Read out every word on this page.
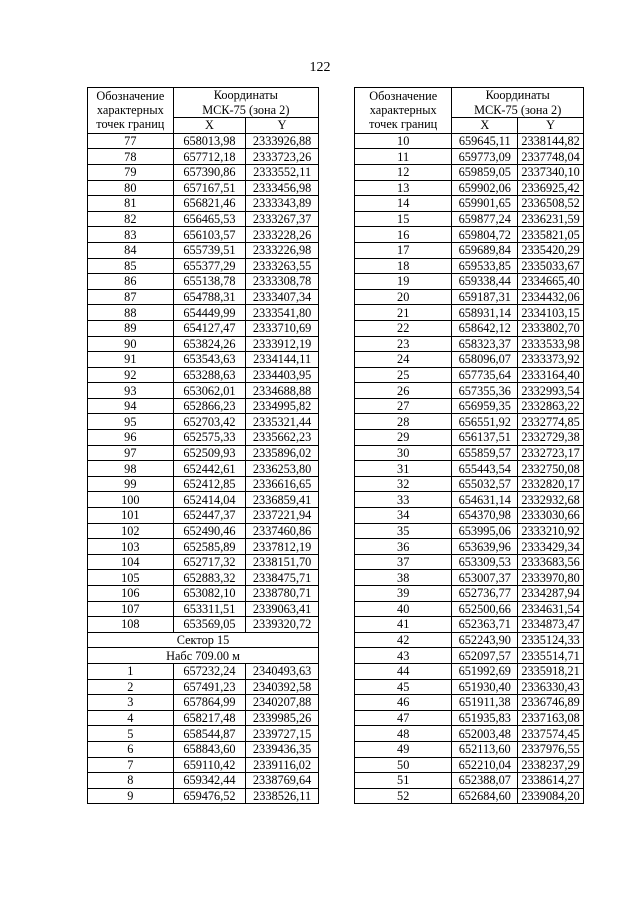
122
Обозначение
характерных
точек границ	Координаты	
	МСК-75 (зона 2)	
	X	Y
77	658013,98	2333926,88
78	657712,18	2333723,26
79	657390,86	2333552,11
80	657167,51	2333456,98
81	656821,46	2333343,89
82	656465,53	2333267,37
83	656103,57	2333228,26
84	655739,51	2333226,98
85	655377,29	2333263,55
86	655138,78	2333308,78
87	654788,31	2333407,34
88	654449,99	2333541,80
89	654127,47	2333710,69
90	653824,26	2333912,19
91	653543,63	2334144,11
92	653288,63	2334403,95
93	653062,01	2334688,88
94	652866,23	2334995,82
95	652703,42	2335321,44
96	652575,33	2335662,23
97	652509,93	2335896,02
98	652442,61	2336253,80
99	652412,85	2336616,65
100	652414,04	2336859,41
101	652447,37	2337221,94
102	652490,46	2337460,86
103	652585,89	2337812,19
104	652717,32	2338151,70
105	652883,32	2338475,71
106	653082,10	2338780,71
107	653311,51	2339063,41
108	653569,05	2339320,72
Сектор 15		
Набс 709.00 м		
1	657232,24	2340493,63
2	657491,23	2340392,58
3	657864,99	2340207,88
4	658217,48	2339985,26
5	658544,87	2339727,15
6	658843,60	2339436,35
7	659110,42	2339116,02
8	659342,44	2338769,64
9	659476,52	2338526,11
Обозначение
характерных
точек границ	Координаты	
	МСК-75 (зона 2)	
	X	Y
10	659645,11	2338144,82
11	659773,09	2337748,04
12	659859,05	2337340,10
13	659902,06	2336925,42
14	659901,65	2336508,52
15	659877,24	2336231,59
16	659804,72	2335821,05
17	659689,84	2335420,29
18	659533,85	2335033,67
19	659338,44	2334665,40
20	659187,31	2334432,06
21	658931,14	2334103,15
22	658642,12	2333802,70
23	658323,37	2333533,98
24	658096,07	2333373,92
25	657735,64	2333164,40
26	657355,36	2332993,54
27	656959,35	2332863,22
28	656551,92	2332774,85
29	656137,51	2332729,38
30	655859,57	2332723,17
31	655443,54	2332750,08
32	655032,57	2332820,17
33	654631,14	2332932,68
34	654370,98	2333030,66
35	653995,06	2333210,92
36	653639,96	2333429,34
37	653309,53	2333683,56
38	653007,37	2333970,80
39	652736,77	2334287,94
40	652500,66	2334631,54
41	652363,71	2334873,47
42	652243,90	2335124,33
43	652097,57	2335514,71
44	651992,69	2335918,21
45	651930,40	2336330,43
46	651911,38	2336746,89
47	651935,83	2337163,08
48	652003,48	2337574,45
49	652113,60	2337976,55
50	652210,04	2338237,29
51	652388,07	2338614,27
52	652684,60	2339084,20
